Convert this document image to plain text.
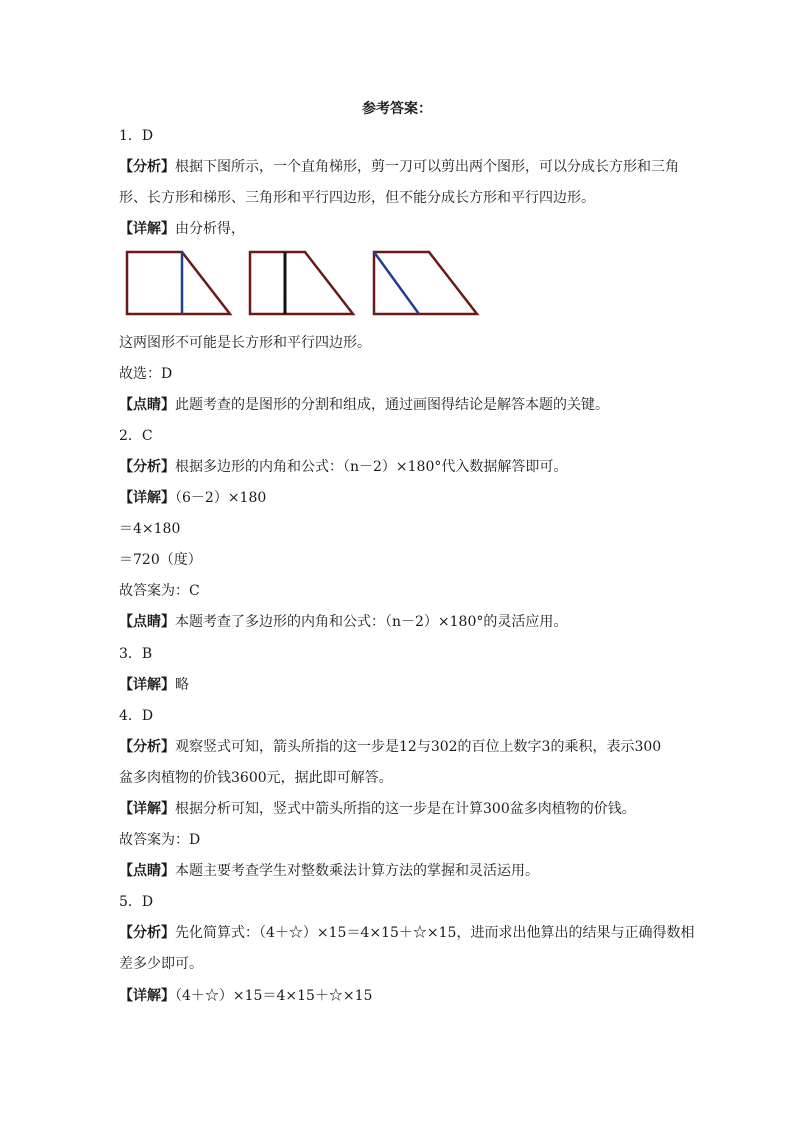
参考答案：
1．D
【分析】根据下图所示，一个直角梯形，剪一刀可以剪出两个图形，可以分成长方形和三角
形、长方形和梯形、三角形和平行四边形，但不能分成长方形和平行四边形。
【详解】由分析得，
这两图形不可能是长方形和平行四边形。
故选：D
【点睛】此题考查的是图形的分割和组成，通过画图得结论是解答本题的关键。
2．C
【分析】根据多边形的内角和公式：（n－2）×180°代入数据解答即可。
【详解】（6－2）×180
＝4×180
＝720（度）
故答案为：C
【点睛】本题考查了多边形的内角和公式：（n－2）×180°的灵活应用。
3．B
【详解】略
4．D
【分析】观察竖式可知，箭头所指的这一步是12与302的百位上数字3的乘积，表示300
盆多肉植物的价钱3600元，据此即可解答。
【详解】根据分析可知，竖式中箭头所指的这一步是在计算300盆多肉植物的价钱。
故答案为：D
【点睛】本题主要考查学生对整数乘法计算方法的掌握和灵活运用。
5．D
【分析】先化简算式：（4＋☆）×15＝4×15＋☆×15，进而求出他算出的结果与正确得数相
差多少即可。
【详解】（4＋☆）×15＝4×15＋☆×15
